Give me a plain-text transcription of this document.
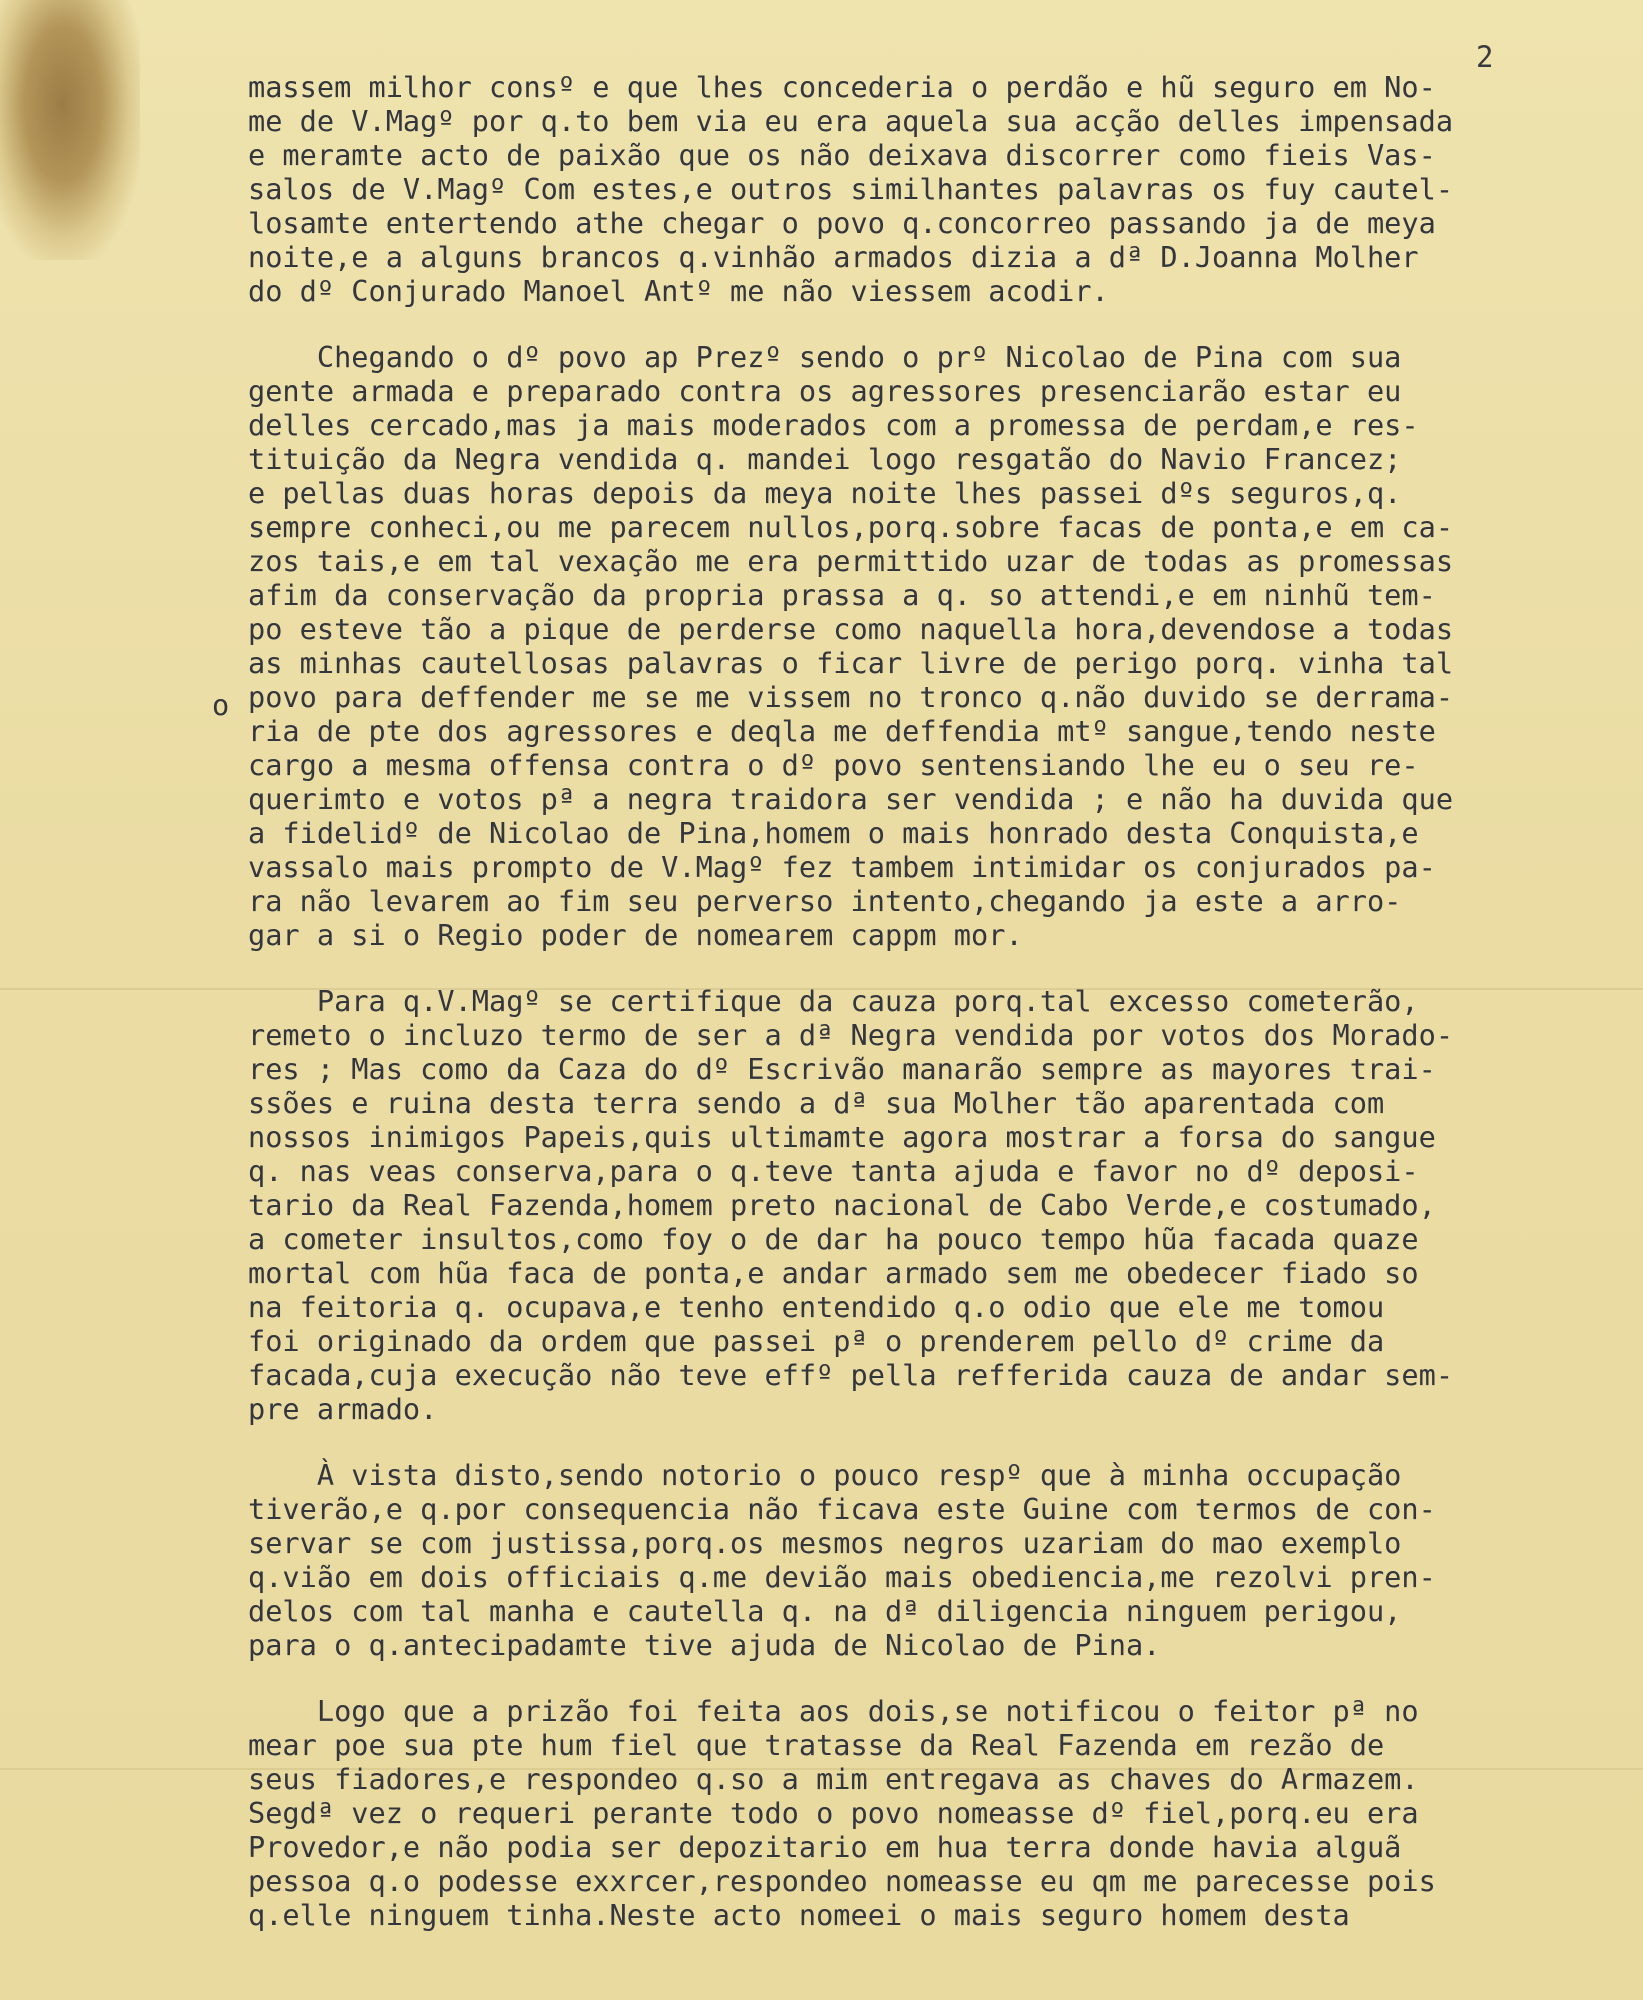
2
o
massem milhor consº e que lhes concederia o perdão e hũ seguro em No-
me de V.Magº por q.to bem via eu era aquela sua acção delles impensada
e meramte acto de paixão que os não deixava discorrer como fieis Vas-
salos de V.Magº Com estes,e outros similhantes palavras os fuy cautel-
losamte entertendo athe chegar o povo q.concorreo passando ja de meya
noite,e a alguns brancos q.vinhão armados dizia a dª D.Joanna Molher
do dº Conjurado Manoel Antº me não viessem acodir.
Chegando o dº povo ap Prezº sendo o prº Nicolao de Pina com sua
gente armada e preparado contra os agressores presenciarão estar eu
delles cercado,mas ja mais moderados com a promessa de perdam,e res-
tituição da Negra vendida q. mandei logo resgatão do Navio Francez;
e pellas duas horas depois da meya noite lhes passei dºs seguros,q.
sempre conheci,ou me parecem nullos,porq.sobre facas de ponta,e em ca-
zos tais,e em tal vexação me era permittido uzar de todas as promessas
afim da conservação da propria prassa a q. so attendi,e em ninhũ tem-
po esteve tão a pique de perderse como naquella hora,devendose a todas
as minhas cautellosas palavras o ficar livre de perigo porq. vinha tal
povo para deffender me se me vissem no tronco q.não duvido se derrama-
ria de pte dos agressores e deqla me deffendia mtº sangue,tendo neste
cargo a mesma offensa contra o dº povo sentensiando lhe eu o seu re-
querimto e votos pª a negra traidora ser vendida ; e não ha duvida que
a fidelidº de Nicolao de Pina,homem o mais honrado desta Conquista,e
vassalo mais prompto de V.Magº fez tambem intimidar os conjurados pa-
ra não levarem ao fim seu perverso intento,chegando ja este a arro-
gar a si o Regio poder de nomearem cappm mor.
Para q.V.Magº se certifique da cauza porq.tal excesso cometerão,
remeto o incluzo termo de ser a dª Negra vendida por votos dos Morado-
res ; Mas como da Caza do dº Escrivão manarão sempre as mayores trai-
ssões e ruina desta terra sendo a dª sua Molher tão aparentada com
nossos inimigos Papeis,quis ultimamte agora mostrar a forsa do sangue
q. nas veas conserva,para o q.teve tanta ajuda e favor no dº deposi-
tario da Real Fazenda,homem preto nacional de Cabo Verde,e costumado,
a cometer insultos,como foy o de dar ha pouco tempo hũa facada quaze
mortal com hũa faca de ponta,e andar armado sem me obedecer fiado so
na feitoria q. ocupava,e tenho entendido q.o odio que ele me tomou
foi originado da ordem que passei pª o prenderem pello dº crime da
facada,cuja execução não teve effº pella refferida cauza de andar sem-
pre armado.
À vista disto,sendo notorio o pouco respº que à minha occupação
tiverão,e q.por consequencia não ficava este Guine com termos de con-
servar se com justissa,porq.os mesmos negros uzariam do mao exemplo
q.vião em dois officiais q.me devião mais obediencia,me rezolvi pren-
delos com tal manha e cautella q. na dª diligencia ninguem perigou,
para o q.antecipadamte tive ajuda de Nicolao de Pina.
Logo que a prizão foi feita aos dois,se notificou o feitor pª no
mear poe sua pte hum fiel que tratasse da Real Fazenda em rezão de
seus fiadores,e respondeo q.so a mim entregava as chaves do Armazem.
Segdª vez o requeri perante todo o povo nomeasse dº fiel,porq.eu era
Provedor,e não podia ser depozitario em hua terra donde havia alguã
pessoa q.o podesse exxrcer,respondeo nomeasse eu qm me parecesse pois
q.elle ninguem tinha.Neste acto nomeei o mais seguro homem desta
